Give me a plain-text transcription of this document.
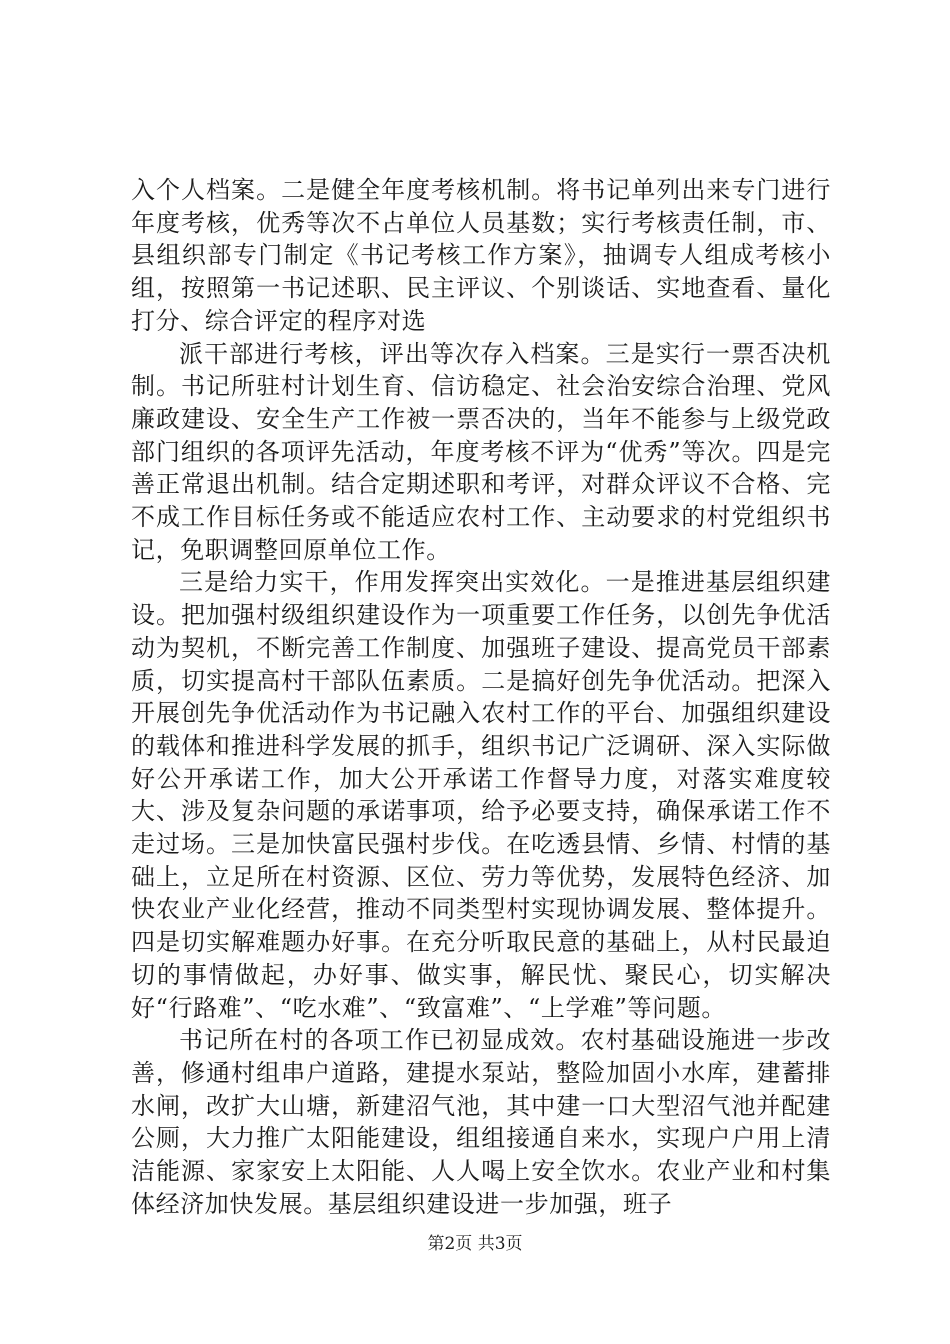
入个人档案。二是健全年度考核机制。将书记单列出来专门进行年度考核，优秀等次不占单位人员基数；实行考核责任制，市、县组织部专门制定《书记考核工作方案》，抽调专人组成考核小组，按照第一书记述职、民主评议、个别谈话、实地查看、量化打分、综合评定的程序对选

派干部进行考核，评出等次存入档案。三是实行一票否决机制。书记所驻村计划生育、信访稳定、社会治安综合治理、党风廉政建设、安全生产工作被一票否决的，当年不能参与上级党政部门组织的各项评先活动，年度考核不评为“优秀”等次。四是完善正常退出机制。结合定期述职和考评，对群众评议不合格、完不成工作目标任务或不能适应农村工作、主动要求的村党组织书记，免职调整回原单位工作。

三是给力实干，作用发挥突出实效化。一是推进基层组织建设。把加强村级组织建设作为一项重要工作任务，以创先争优活动为契机，不断完善工作制度、加强班子建设、提高党员干部素质，切实提高村干部队伍素质。二是搞好创先争优活动。把深入开展创先争优活动作为书记融入农村工作的平台、加强组织建设的载体和推进科学发展的抓手，组织书记广泛调研、深入实际做好公开承诺工作，加大公开承诺工作督导力度，对落实难度较大、涉及复杂问题的承诺事项，给予必要支持，确保承诺工作不走过场。三是加快富民强村步伐。在吃透县情、乡情、村情的基础上，立足所在村资源、区位、劳力等优势，发展特色经济、加快农业产业化经营，推动不同类型村实现协调发展、整体提升。四是切实解难题办好事。在充分听取民意的基础上，从村民最迫切的事情做起，办好事、做实事，解民忧、聚民心，切实解决好“行路难”、“吃水难”、“致富难”、“上学难”等问题。

书记所在村的各项工作已初显成效。农村基础设施进一步改善，修通村组串户道路，建提水泵站，整险加固小水库，建蓄排水闸，改扩大山塘，新建沼气池，其中建一口大型沼气池并配建公厕，大力推广太阳能建设，组组接通自来水，实现户户用上清洁能源、家家安上太阳能、人人喝上安全饮水。农业产业和村集体经济加快发展。基层组织建设进一步加强，班子

第2页 共3页
